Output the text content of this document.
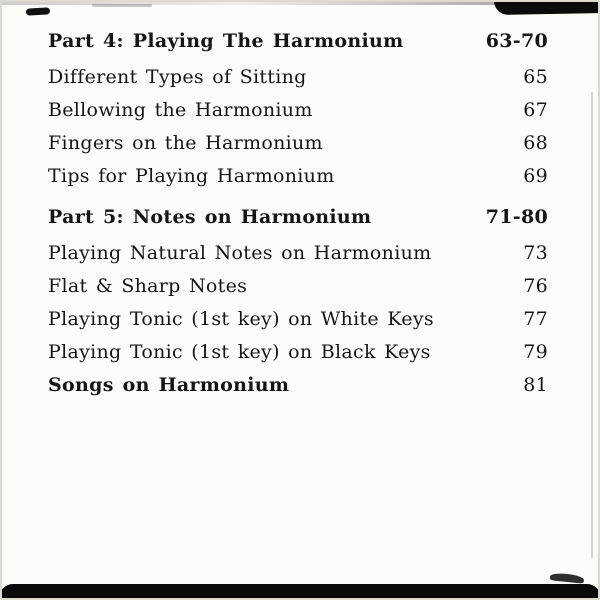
Part 4: Playing The Harmonium	63-70
Different Types of Sitting	65
Bellowing the Harmonium	67
Fingers on the Harmonium	68
Tips for Playing Harmonium	69
Part 5: Notes on Harmonium	71-80
Playing Natural Notes on Harmonium	73
Flat & Sharp Notes	76
Playing Tonic (1st key) on White Keys	77
Playing Tonic (1st key) on Black Keys	79
Songs on Harmonium	81
